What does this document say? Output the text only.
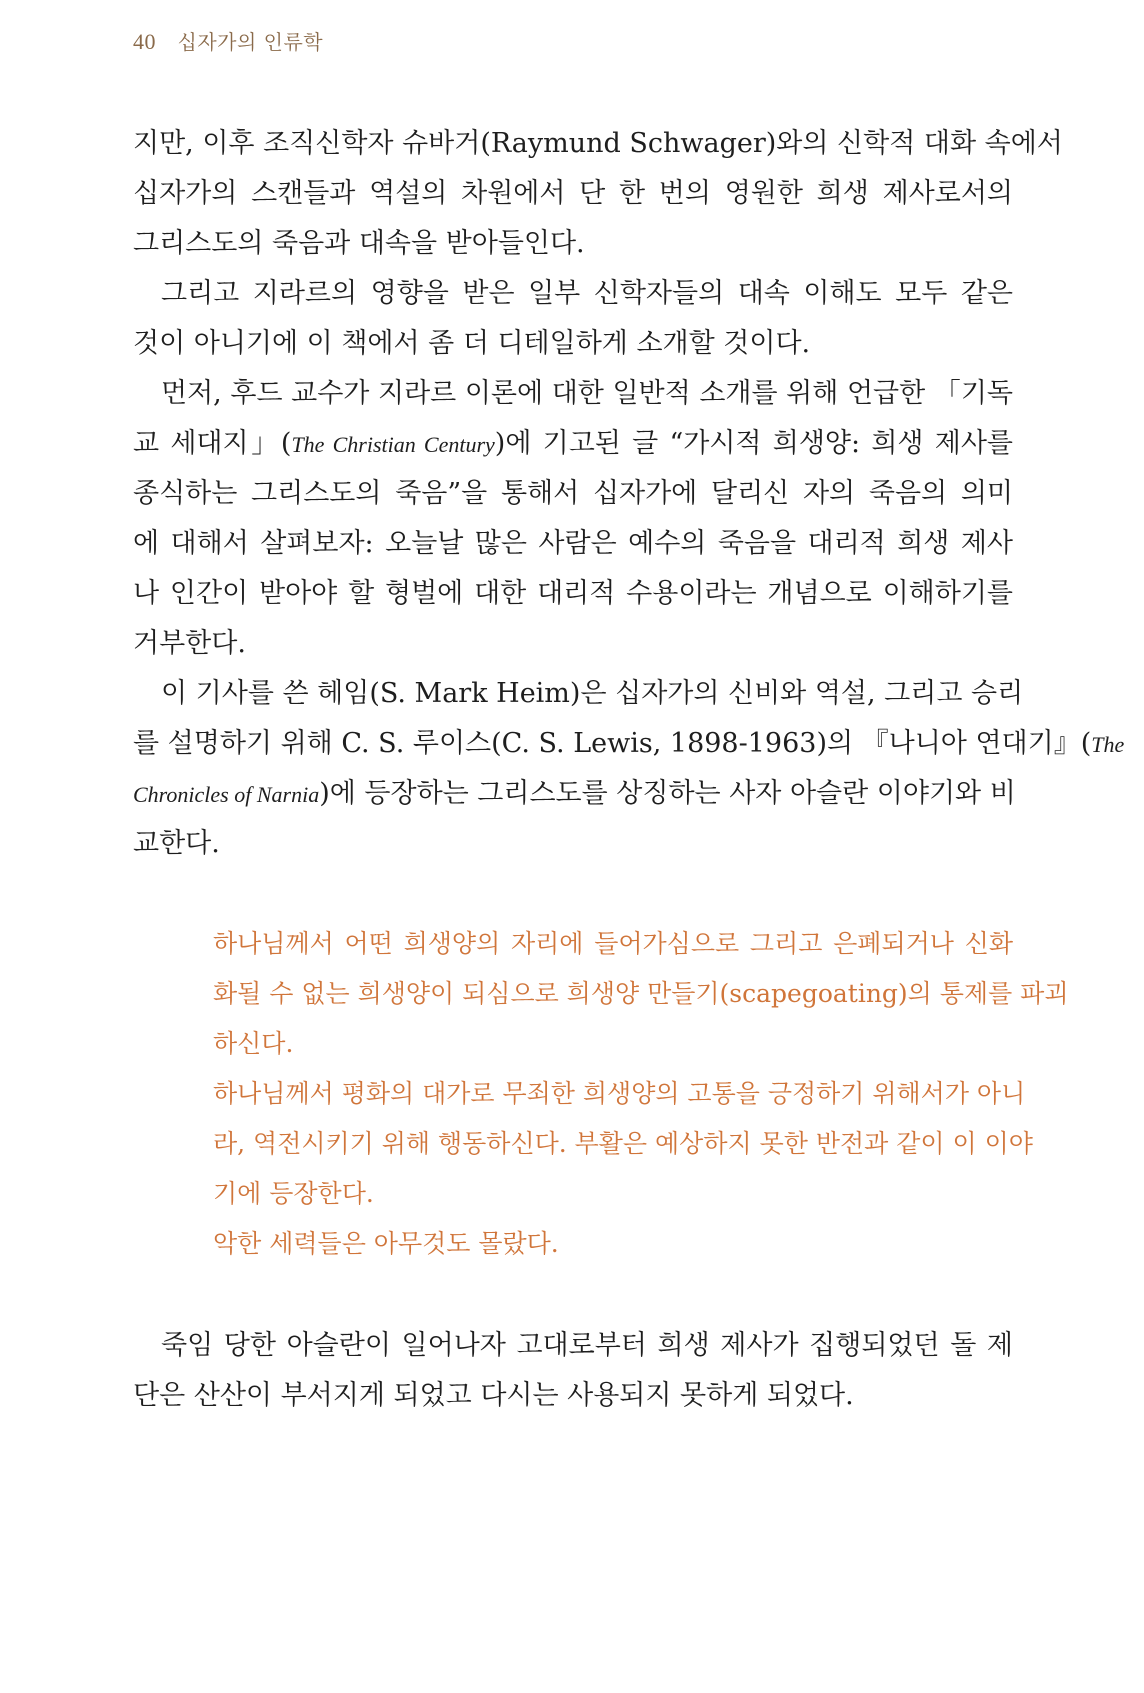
40 십자가의 인류학
지만, 이후 조직신학자 슈바거(Raymund Schwager)와의 신학적 대화 속에서
십자가의 스캔들과 역설의 차원에서 단 한 번의 영원한 희생 제사로서의
그리스도의 죽음과 대속을 받아들인다.
그리고 지라르의 영향을 받은 일부 신학자들의 대속 이해도 모두 같은
것이 아니기에 이 책에서 좀 더 디테일하게 소개할 것이다.
먼저, 후드 교수가 지라르 이론에 대한 일반적 소개를 위해 언급한 「기독
교 세대지」(The Christian Century)에 기고된 글 “가시적 희생양: 희생 제사를
종식하는 그리스도의 죽음”을 통해서 십자가에 달리신 자의 죽음의 의미
에 대해서 살펴보자: 오늘날 많은 사람은 예수의 죽음을 대리적 희생 제사
나 인간이 받아야 할 형벌에 대한 대리적 수용이라는 개념으로 이해하기를
거부한다.
이 기사를 쓴 헤임(S. Mark Heim)은 십자가의 신비와 역설, 그리고 승리
를 설명하기 위해 C. S. 루이스(C. S. Lewis, 1898-1963)의 『나니아 연대기』(The
Chronicles of Narnia)에 등장하는 그리스도를 상징하는 사자 아슬란 이야기와 비
교한다.
하나님께서 어떤 희생양의 자리에 들어가심으로 그리고 은폐되거나 신화
화될 수 없는 희생양이 되심으로 희생양 만들기(scapegoating)의 통제를 파괴
하신다.
하나님께서 평화의 대가로 무죄한 희생양의 고통을 긍정하기 위해서가 아니
라, 역전시키기 위해 행동하신다. 부활은 예상하지 못한 반전과 같이 이 이야
기에 등장한다.
악한 세력들은 아무것도 몰랐다.
죽임 당한 아슬란이 일어나자 고대로부터 희생 제사가 집행되었던 돌 제
단은 산산이 부서지게 되었고 다시는 사용되지 못하게 되었다.
